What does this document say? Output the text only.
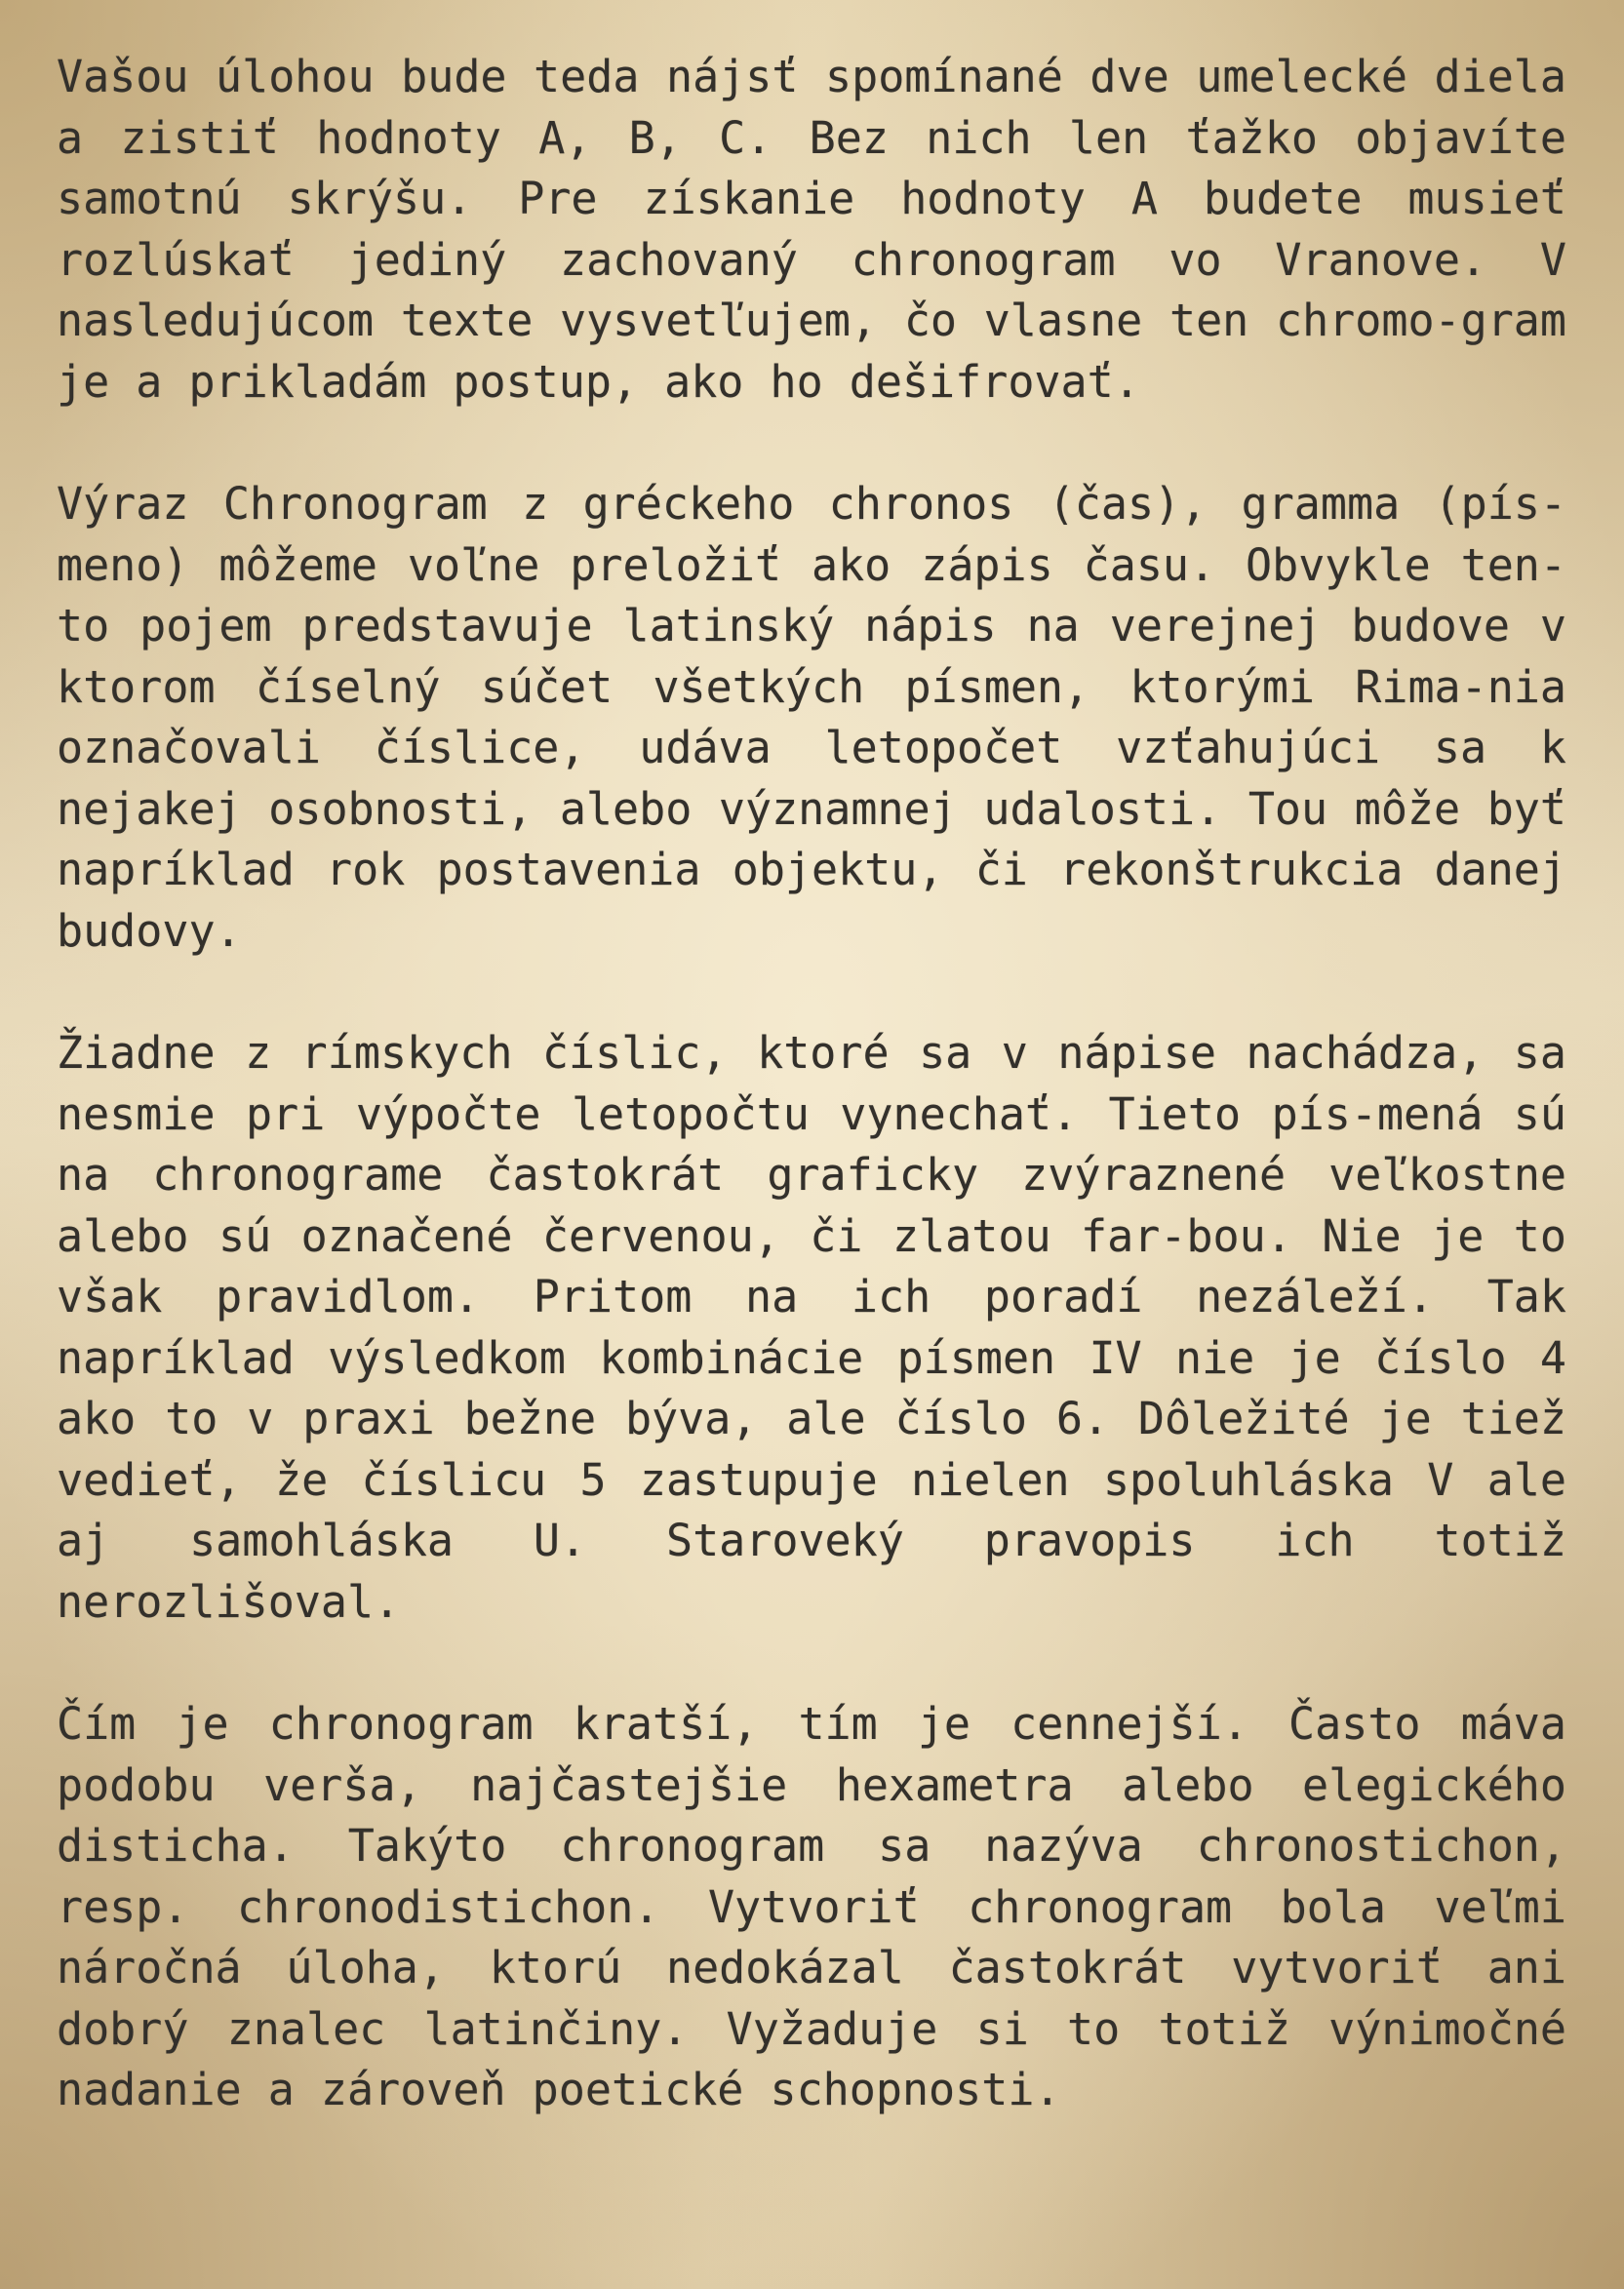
Vašou úlohou bude teda nájsť spomínané dve umelecké diela a zistiť hodnoty A, B, C. Bez nich len ťažko objavíte samotnú skrýšu. Pre získanie hodnoty A budete musieť rozlúskať jediný zachovaný chronogram vo Vranove. V nasledujúcom texte vysvetľujem, čo vlasne ten chromo-gram je a prikladám postup, ako ho dešifrovať.

Výraz Chronogram z gréckeho chronos (čas), gramma (pís-meno) môžeme voľne preložiť ako zápis času. Obvykle ten-to pojem predstavuje latinský nápis na verejnej budove v ktorom číselný súčet všetkých písmen, ktorými Rima-nia označovali číslice, udáva letopočet vzťahujúci sa k nejakej osobnosti, alebo významnej udalosti. Tou môže byť napríklad rok postavenia objektu, či rekonštrukcia danej budovy.

Žiadne z rímskych číslic, ktoré sa v nápise nachádza, sa nesmie pri výpočte letopočtu vynechať. Tieto pís-mená sú na chronograme častokrát graficky zvýraznené veľkostne alebo sú označené červenou, či zlatou far-bou. Nie je to však pravidlom. Pritom na ich poradí nezáleží. Tak napríklad výsledkom kombinácie písmen IV nie je číslo 4 ako to v praxi bežne býva, ale číslo 6. Dôležité je tiež vedieť, že číslicu 5 zastupuje nielen spoluhláska V ale aj samohláska U. Staroveký pravopis ich totiž nerozlišoval.

Čím je chronogram kratší, tím je cennejší. Často máva podobu verša, najčastejšie hexametra alebo elegického disticha. Takýto chronogram sa nazýva chronostichon, resp. chronodistichon. Vytvoriť chronogram bola veľmi náročná úloha, ktorú nedokázal častokrát vytvoriť ani dobrý znalec latinčiny. Vyžaduje si to totiž výnimočné nadanie a zároveň poetické schopnosti.
